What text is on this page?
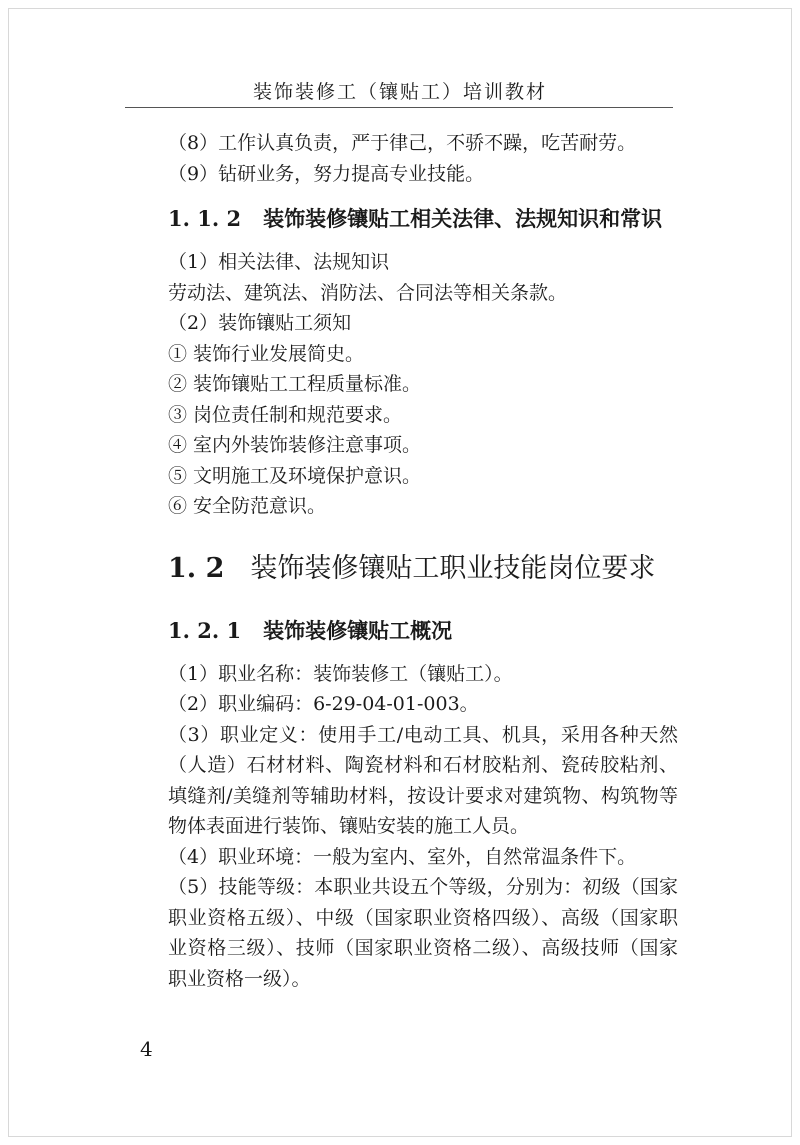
装饰装修工（镶贴工）培训教材

（8）工作认真负责，严于律己，不骄不躁，吃苦耐劳。

（9）钻研业务，努力提高专业技能。

1. 1. 2 装饰装修镶贴工相关法律、法规知识和常识

（1）相关法律、法规知识

劳动法、建筑法、消防法、合同法等相关条款。

（2）装饰镶贴工须知

① 装饰行业发展简史。

② 装饰镶贴工工程质量标准。

③ 岗位责任制和规范要求。

④ 室内外装饰装修注意事项。

⑤ 文明施工及环境保护意识。

⑥ 安全防范意识。

1. 2 装饰装修镶贴工职业技能岗位要求
1. 2. 1 装饰装修镶贴工概况

（1）职业名称：装饰装修工（镶贴工）。

（2）职业编码：6-29-04-01-003。

（3）职业定义：使用手工/电动工具、机具，采用各种天然（人造）石材材料、陶瓷材料和石材胶粘剂、瓷砖胶粘剂、填缝剂/美缝剂等辅助材料，按设计要求对建筑物、构筑物等物体表面进行装饰、镶贴安装的施工人员。

（4）职业环境：一般为室内、室外，自然常温条件下。

（5）技能等级：本职业共设五个等级，分别为：初级（国家职业资格五级）、中级（国家职业资格四级）、高级（国家职业资格三级）、技师（国家职业资格二级）、高级技师（国家职业资格一级）。

4
